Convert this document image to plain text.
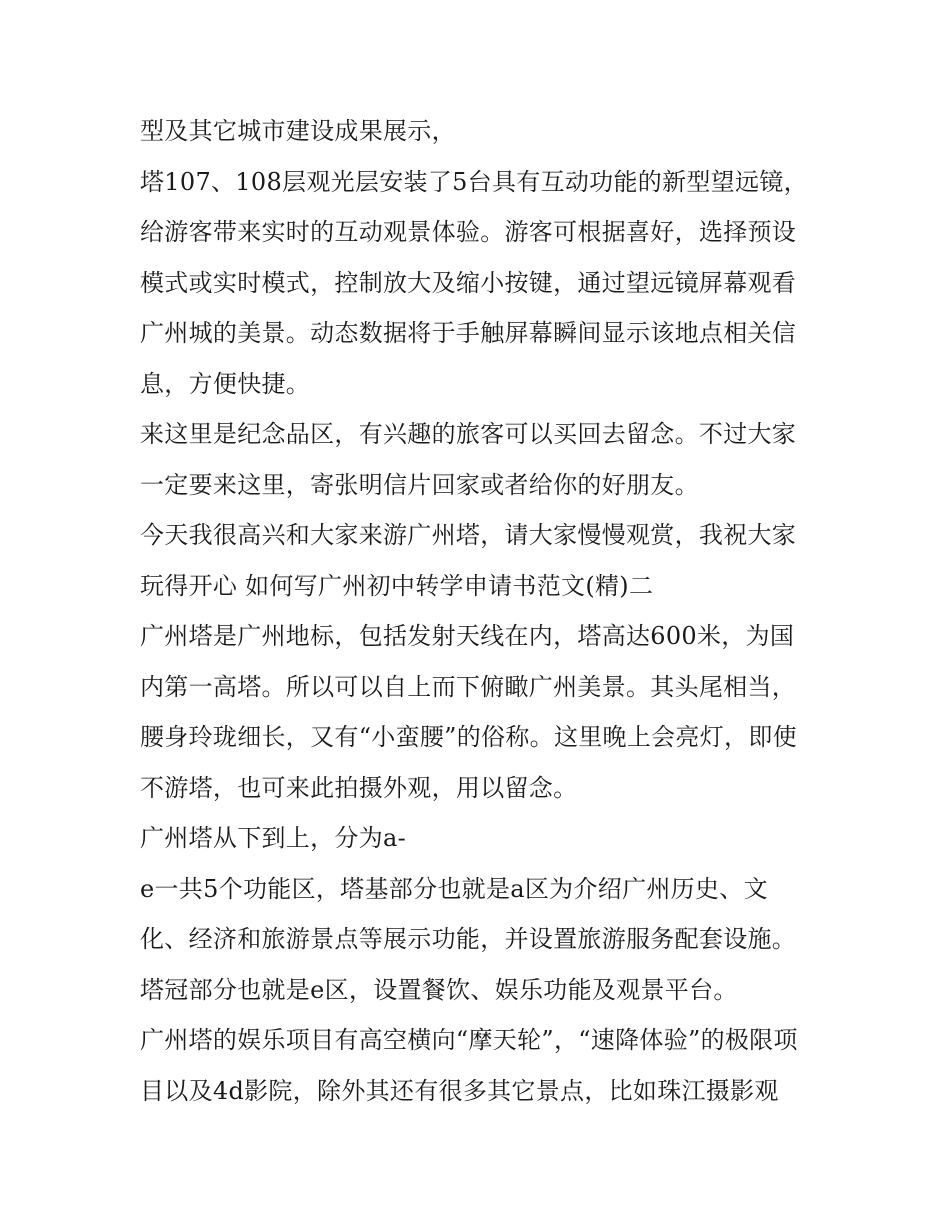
型及其它城市建设成果展示，

塔107、108层观光层安装了5台具有互动功能的新型望远镜，

给游客带来实时的互动观景体验。游客可根据喜好，选择预设

模式或实时模式，控制放大及缩小按键，通过望远镜屏幕观看

广州城的美景。动态数据将于手触屏幕瞬间显示该地点相关信

息，方便快捷。

来这里是纪念品区，有兴趣的旅客可以买回去留念。不过大家

一定要来这里，寄张明信片回家或者给你的好朋友。

今天我很高兴和大家来游广州塔，请大家慢慢观赏，我祝大家

玩得开心 如何写广州初中转学申请书范文(精)二

广州塔是广州地标，包括发射天线在内，塔高达600米，为国

内第一高塔。所以可以自上而下俯瞰广州美景。其头尾相当，

腰身玲珑细长，又有“小蛮腰”的俗称。这里晚上会亮灯，即使

不游塔，也可来此拍摄外观，用以留念。

广州塔从下到上，分为a-

e一共5个功能区，塔基部分也就是a区为介绍广州历史、文

化、经济和旅游景点等展示功能，并设置旅游服务配套设施。

塔冠部分也就是e区，设置餐饮、娱乐功能及观景平台。

广州塔的娱乐项目有高空横向“摩天轮”，“速降体验”的极限项

目以及4d影院，除外其还有很多其它景点，比如珠江摄影观
